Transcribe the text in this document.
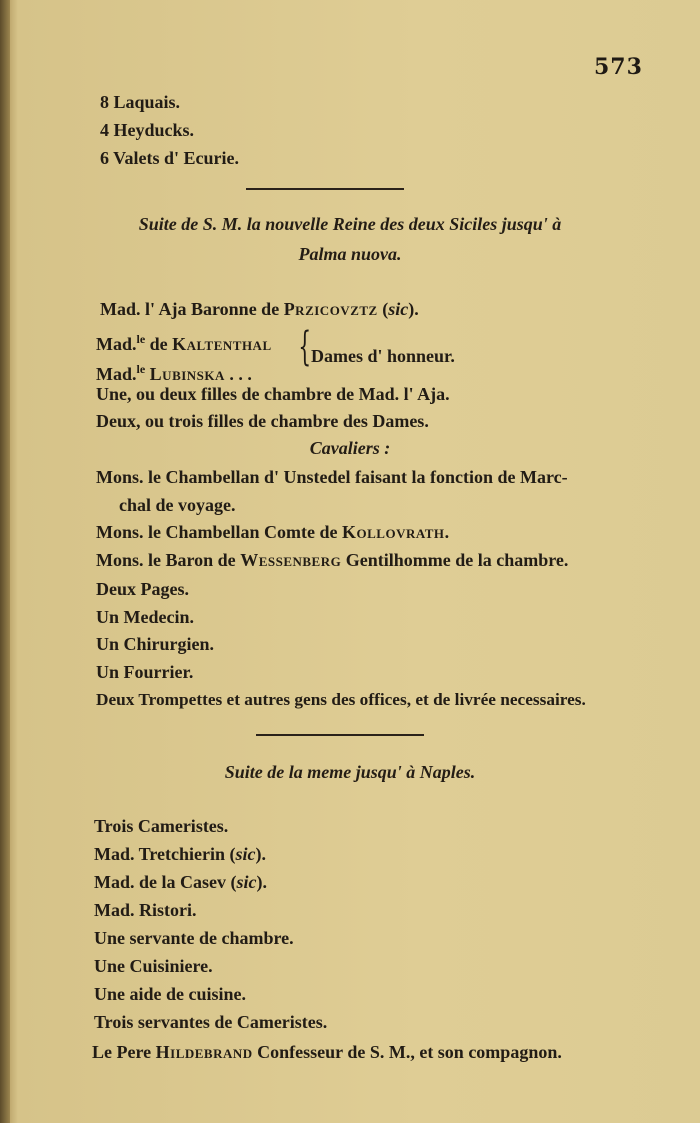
573
8 Laquais.
4 Heyducks.
6 Valets d' Ecurie.
Suite de S. M. la nouvelle Reine des deux Siciles jusqu' à
Palma nuova.
Mad. l' Aja Baronne de Przicovztz (sic).
Mad.$^{le}$ de Kaltenthal
Mad.$^{le}$ Lubinska . . .
{ Dames d' honneur.
Une, ou deux filles de chambre de Mad. l' Aja.
Deux, ou trois filles de chambre des Dames.
Cavaliers :
Mons. le Chambellan d' Unstedel faisant la fonction de Marc-
chal de voyage.
Mons. le Chambellan Comte de Kollovrath.
Mons. le Baron de Wessenberg Gentilhomme de la chambre.
Deux Pages.
Un Medecin.
Un Chirurgien.
Un Fourrier.
Deux Trompettes et autres gens des offices, et de livrée necessaires.
Suite de la meme jusqu' à Naples.
Trois Cameristes.
Mad. Tretchierin (sic).
Mad. de la Casev (sic).
Mad. Ristori.
Une servante de chambre.
Une Cuisiniere.
Une aide de cuisine.
Trois servantes de Cameristes.
Le Pere Hildebrand Confesseur de S. M., et son compagnon.
